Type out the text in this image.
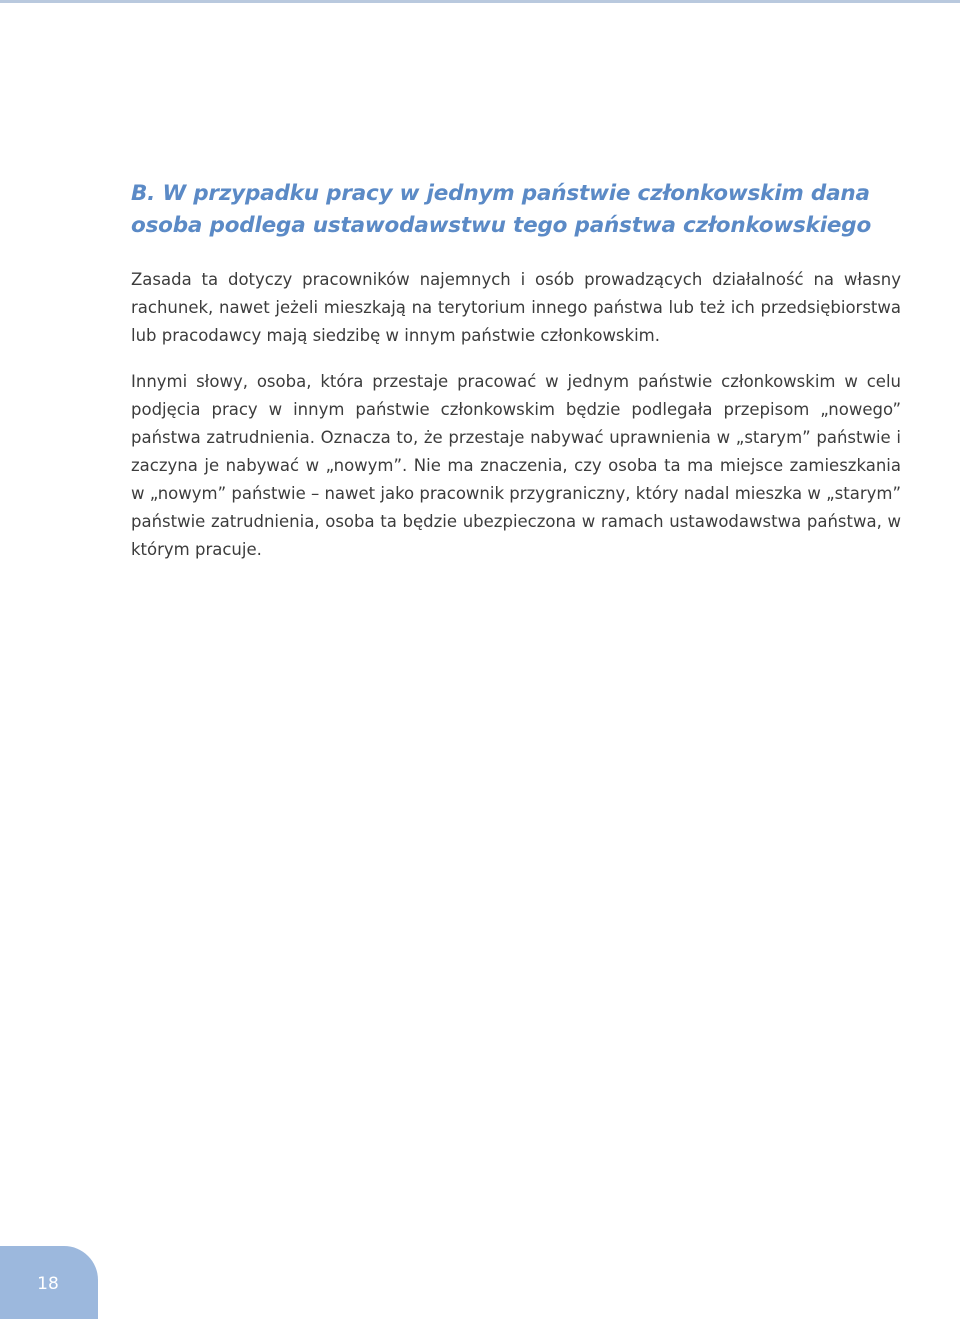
B. W przypadku pracy w jednym państwie członkowskim dana osoba podlega ustawodawstwu tego państwa członkowskiego

Zasada ta dotyczy pracowników najemnych i osób prowadzących działalność na własny rachunek, nawet jeżeli mieszkają na terytorium innego państwa lub też ich przedsiębiorstwa lub pracodawcy mają siedzibę w innym państwie członkowskim.

Innymi słowy, osoba, która przestaje pracować w jednym państwie członkowskim w celu podjęcia pracy w innym państwie członkowskim będzie podlegała przepisom „nowego” państwa zatrudnienia. Oznacza to, że przestaje nabywać uprawnienia w „starym” państwie i zaczyna je nabywać w „nowym”. Nie ma znaczenia, czy osoba ta ma miejsce zamieszkania w „nowym” państwie – nawet jako pracownik przygraniczny, który nadal mieszka w „starym” państwie zatrudnienia, osoba ta będzie ubezpieczona w ramach ustawodawstwa państwa, w którym pracuje.

18
